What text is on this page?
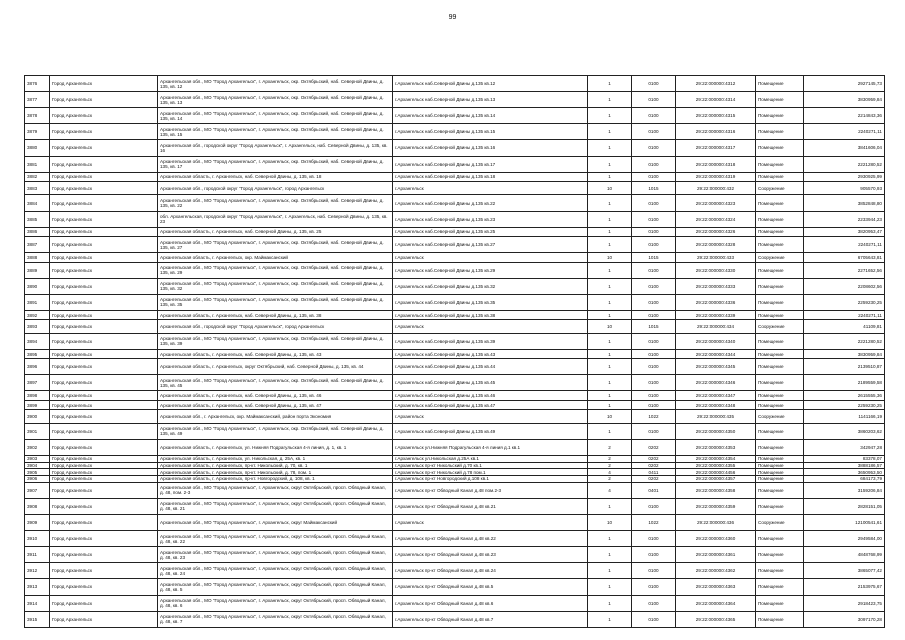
99
3876	Город Архангельск	Архангельская обл., МО "Город Архангельск", г. Архангельск, окр. Октябрьский, наб. Северной Двины, д. 135, кв. 12	г.Архангельск наб.Северной Двины д.135 кв.12	1	0100	29:22:000000:4312	Помещение	2927145,73
3877	Город Архангельск	Архангельская обл., МО "Город Архангельск", г. Архангельск, окр. Октябрьский, наб. Северной Двины, д. 135, кв. 13	г.Архангельск наб.Северной Двины д.135 кв.13	1	0100	29:22:000000:4314	Помещение	3830959,84
3878	Город Архангельск	Архангельская обл., МО "Город Архангельск", г. Архангельск, окр. Октябрьский, наб. Северной Двины, д. 135, кв. 14	г.Архангельск наб.Северной Двины д.135 кв.14	1	0100	29:22:000000:4315	Помещение	2214843,36
3879	Город Архангельск	Архангельская обл., МО "Город Архангельск", г. Архангельск, окр. Октябрьский, наб. Северной Двины, д. 135, кв. 15	г.Архангельск наб.Северной Двины д.135 кв.15	1	0100	29:22:000000:4316	Помещение	2240271,11
3880	Город Архангельск	Архангельская обл., городской округ "Город Архангельск", г. Архангельск, наб. Северной Двины, д. 135, кв. 16	г.Архангельск наб.Северной Двины д.135 кв.16	1	0100	29:22:000000:4317	Помещение	3841606,04
3881	Город Архангельск	Архангельская обл., МО "Город Архангельск", г. Архангельск, окр. Октябрьский, наб. Северной Двины, д. 135, кв. 17	г.Архангельск наб.Северной Двины д.135 кв.17	1	0100	29:22:000000:4318	Помещение	2221280,52
3882	Город Архангельск	Архангельская область, г. Архангельск, наб. Северной Двины, д. 135, кв. 18	г.Архангельск наб.Северной Двины д.135 кв.18	1	0100	29:22:000000:4319	Помещение	2930925,99
3883	Город Архангельск	Архангельская обл., городской округ "Город Архангельск", город Архангельск	г.Архангельск	10	1015	29:22:000000:432	Сооружение	905570,93
3884	Город Архангельск	Архангельская обл., МО "Город Архангельск", г. Архангельск, окр. Октябрьский, наб. Северной Двины, д. 135, кв. 22	г.Архангельск наб.Северной Двины д.135 кв.22	1	0100	29:22:000000:4323	Помещение	3852848,80
3885	Город Архангельск	обл. Архангельская, городской округ "Город Архангельск", г. Архангельск, наб. Северной Двины, д. 135, кв. 23	г.Архангельск наб.Северной Двины д.135 кв.23	1	0100	29:22:000000:4324	Помещение	2233944,23
3886	Город Архангельск	Архангельская область, г. Архангельск, наб. Северной Двины, д. 135, кв. 25	г.Архангельск наб.Северной Двины д.135 кв.25	1	0100	29:22:000000:4326	Помещение	3820953,47
3887	Город Архангельск	Архангельская обл., МО "Город Архангельск", г. Архангельск, окр. Октябрьский, наб. Северной Двины, д. 135, кв. 27	г.Архангельск наб.Северной Двины д.135 кв.27	1	0100	29:22:000000:4328	Помещение	2240271,11
3888	Город Архангельск	Архангельская область, г. Архангельск, окр. Маймаксанский	г.Архангельск	10	1015	29:22:000000:433	Сооружение	6705643,81
3889	Город Архангельск	Архангельская обл., МО "Город Архангельск", г. Архангельск, окр. Октябрьский, наб. Северной Двины, д. 135, кв. 29	г.Архангельск наб.Северной Двины д.135 кв.29	1	0100	29:22:000000:4330	Помещение	2271652,56
3890	Город Архангельск	Архангельская обл., МО "Город Архангельск", г. Архангельск, окр. Октябрьский, наб. Северной Двины, д. 135, кв. 32	г.Архангельск наб.Северной Двины д.135 кв.32	1	0100	29:22:000000:4333	Помещение	2208602,56
3891	Город Архангельск	Архангельская обл., МО "Город Архангельск", г. Архангельск, окр. Октябрьский, наб. Северной Двины, д. 135, кв. 35	г.Архангельск наб.Северной Двины д.135 кв.35	1	0100	29:22:000000:4336	Помещение	2259230,25
3892	Город Архангельск	Архангельская область, г. Архангельск, наб. Северной Двины, д. 135, кв. 38	г.Архангельск наб.Северной Двины д.135 кв.38	1	0100	29:22:000000:4339	Помещение	2240271,11
3893	Город Архангельск	Архангельская обл., городской округ "Город Архангельск", город Архангельск	г.Архангельск	10	1015	29:22:000000:434	Сооружение	41109,81
3894	Город Архангельск	Архангельская обл., МО "Город Архангельск", г. Архангельск, окр. Октябрьский, наб. Северной Двины, д. 135, кв. 39	г.Архангельск наб.Северной Двины д.135 кв.39	1	0100	29:22:000000:4340	Помещение	2221280,52
3895	Город Архангельск	Архангельская область, г. Архангельск, наб. Северной Двины, д. 135, кв. 43	г.Архангельск наб.Северной Двины д.135 кв.43	1	0100	29:22:000000:4344	Помещение	3830959,84
3896	Город Архангельск	Архангельская область, г. Архангельск, округ Октябрьский, наб. Северной Двины, д. 135, кв. 44	г.Архангельск наб.Северной Двины д.135 кв.44	1	0100	29:22:000000:4345	Помещение	2139510,87
3897	Город Архангельск	Архангельская обл., МО "Город Архангельск", г. Архангельск, окр. Октябрьский, наб. Северной Двины, д. 135, кв. 45	г.Архангельск наб.Северной Двины д.135 кв.45	1	0100	29:22:000000:4346	Помещение	2189559,58
3898	Город Архангельск	Архангельская область, г. Архангельск, наб. Северной Двины, д. 135, кв. 46	г.Архангельск наб.Северной Двины д.135 кв.46	1	0100	29:22:000000:4347	Помещение	2615555,36
3899	Город Архангельск	Архангельская область, г. Архангельск, наб. Северной Двины, д. 135, кв. 47	г.Архангельск наб.Северной Двины д.135 кв.47	1	0100	29:22:000000:4348	Помещение	2259230,25
3900	Город Архангельск	Архангельская обл., г. Архангельск, окр. Маймаксанский, район порта Экономия	г.Архангельск	10	1022	29:22:000000:435	Сооружение	1141166,19
3901	Город Архангельск	Архангельская обл., МО "Город Архангельск", г. Архангельск, окр. Октябрьский, наб. Северной Двины, д. 135, кв. 49	г.Архангельск наб.Северной Двины д.135 кв.49	1	0100	29:22:000000:4350	Помещение	3860203,62
3902	Город Архангельск	Архангельская область, г. Архангельск, ул. Нижняя Подрагульская 4-я линия, д. 1, кв. 1	г.Архангельск ул.Нижняя Подрагульская 4-я линия д.1 кв.1	2	0202	29:22:000000:4353	Помещение	342947,28
3903	Город Архангельск	Архангельская область, г. Архангельск, ул. Никольская, д. 25А, кв. 1	г.Архангельск ул.Никольская д.25А кв.1	2	0202	29:22:000000:4354	Помещение	83378,07
3904	Город Архангельск	Архангельская область, г. Архангельск, пр-кт. Никольский, д. 70, кв. 1	г.Архангельск пр-кт Никольский д.70 кв.1	2	0202	29:22:000000:4355	Помещение	3888186,57
3905	Город Архангельск	Архангельская область, г. Архангельск, пр-кт. Никольский, д. 78, пом. 1	г.Архангельск пр-кт Никольский д.78 пом.1	4	0411	29:22:000000:4456	Помещение	3650953,50
3906	Город Архангельск	Архангельская область, г. Архангельск, пр-кт. Новгородский, д. 108, кв. 1	г.Архангельск пр-кт Новгородский д.108 кв.1	2	0202	29:22:000000:4357	Помещение	684173,79
3907	Город Архангельск	Архангельская обл., МО "Город Архангельск", г. Архангельск, округ Октябрьский, просп. Обводный Канал, д. 48, пом. 2-3	г.Архангельск пр-кт Обводный Канал д.48 пом.2-3	4	0401	29:22:000000:4358	Помещение	3159206,84
3908	Город Архангельск	Архангельская обл., МО "Город Архангельск", г. Архангельск, округ Октябрьский, просп. Обводный Канал, д. 48, кв. 21	г.Архангельск пр-кт Обводный Канал д.48 кв.21	1	0100	29:22:000000:4359	Помещение	2828151,05
3909	Город Архангельск	Архангельская обл., МО "Город Архангельск", г. Архангельск, округ Маймаксанский	г.Архангельск	10	1022	29:22:000000:436	Сооружение	12100541,61
3910	Город Архангельск	Архангельская обл., МО "Город Архангельск", г. Архангельск, округ Октябрьский, просп. Обводный Канал, д. 48, кв. 22	г.Архангельск пр-кт Обводный Канал д.48 кв.22	1	0100	29:22:000000:4360	Помещение	2949584,00
3911	Город Архангельск	Архангельская обл., МО "Город Архангельск", г. Архангельск, округ Октябрьский, просп. Обводный Канал, д. 48, кв. 23	г.Архангельск пр-кт Обводный Канал д.48 кв.23	1	0100	29:22:000000:4361	Помещение	4848768,99
3912	Город Архангельск	Архангельская обл., МО "Город Архангельск", г. Архангельск, округ Октябрьский, просп. Обводный Канал, д. 48, кв. 24	г.Архангельск пр-кт Обводный Канал д.48 кв.24	1	0100	29:22:000000:4362	Помещение	3865077,42
3913	Город Архангельск	Архангельская обл., МО "Город Архангельск", г. Архангельск, округ Октябрьский, просп. Обводный Канал, д. 48, кв. 5	г.Архангельск пр-кт Обводный Канал д.48 кв.5	1	0100	29:22:000000:4363	Помещение	2153975,67
3914	Город Архангельск	Архангельская обл., МО "Город Архангельск", г. Архангельск, округ Октябрьский, просп. Обводный Канал, д. 48, кв. 6	г.Архангельск пр-кт Обводный Канал д.48 кв.6	1	0100	29:22:000000:4364	Помещение	2918423,75
3915	Город Архангельск	Архангельская обл., МО "Город Архангельск", г. Архангельск, округ Октябрьский, просп. Обводный Канал, д. 48, кв. 7	г.Архангельск пр-кт Обводный Канал д.48 кв.7	1	0100	29:22:000000:4365	Помещение	3097170,28
